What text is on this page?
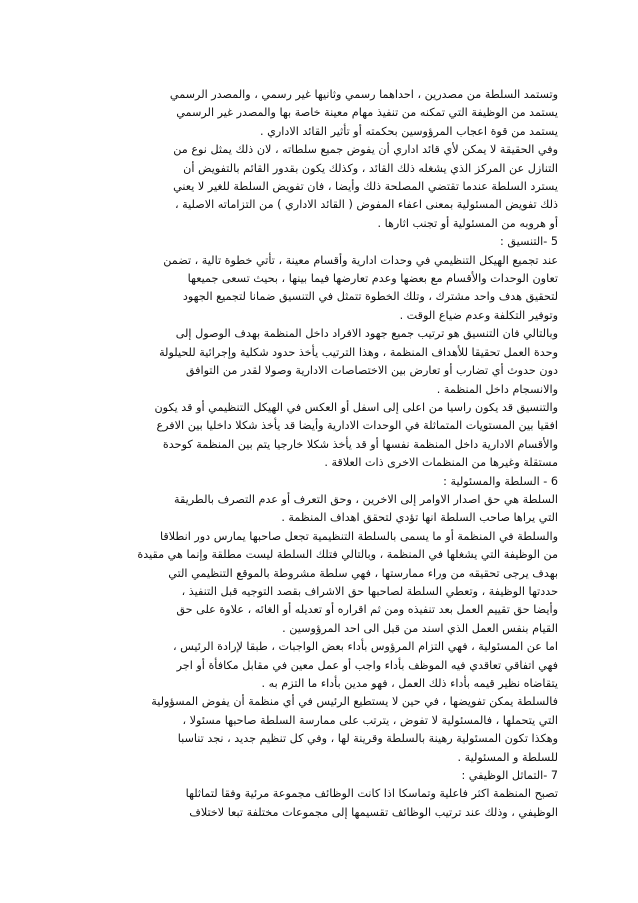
وتستمد السلطة من مصدرين ، احداهما رسمي وثانيها غير رسمي ، والمصدر الرسمي

يستمد من الوظيفة التي تمكنه من تنفيذ مهام معينة خاصة بها والمصدر غير الرسمي

يستمد من قوة اعجاب المرؤوسين بحكمته أو تأثير القائد الاداري .

وفي الحقيقة لا يمكن لأي قائد اداري أن يفوض جميع سلطاته ، لان ذلك يمثل نوع من

التنازل عن المركز الذي يشغله ذلك القائد ، وكذلك يكون بقدور القائم بالتفويض أن

يسترد السلطة عندما تقتضي المصلحة ذلك وأيضا ، فان تفويض السلطة للغير لا يعني

ذلك تفويض المسئولية بمعنى اعفاء المفوض ( القائد الاداري ) من التزاماته الاصلية ،

أو هروبه من المسئولية أو تجنب اثارها .

5 -التنسيق :

عند تجميع الهيكل التنظيمي في وحدات ادارية وأقسام معينة ، تأتي خطوة تالية ، تضمن

تعاون الوحدات والأقسام مع بعضها وعدم تعارضها فيما بينها ، بحيث تسعى جميعها

لتحقيق هدف واحد مشترك ، وتلك الخطوة تتمثل في التنسيق ضمانا لتجميع الجهود

وتوفير التكلفة وعدم ضياع الوقت .

وبالتالي فان التنسيق هو ترتيب جميع جهود الافراد داخل المنظمة بهدف الوصول إلى

وحدة العمل تحقيقا للأهداف المنظمة ، وهذا الترتيب يأخذ حدود شكلية وإجرائية للحيلولة

دون حدوث أي تضارب أو تعارض بين الاختصاصات الادارية وصولا لقدر من التوافق

والانسجام داخل المنظمة .

والتنسيق قد يكون راسيا من اعلى إلى اسفل أو العكس في الهيكل التنظيمي أو قد يكون

افقيا بين المستويات المتماثلة في الوحدات الادارية وأيضا قد يأخذ شكلا داخليا بين الافرع

والأقسام الادارية داخل المنظمة نفسها أو قد يأخذ شكلا خارجيا يتم بين المنظمة كوحدة

مستقلة وغيرها من المنظمات الاخرى ذات العلاقة .

6 - السلطة والمسئولية :

السلطة هي حق اصدار الاوامر إلى الاخرين ، وحق التعرف أو عدم التصرف بالطريقة

التي يراها صاحب السلطة انها تؤدي لتحقق اهداف المنظمة .

والسلطة في المنظمة أو ما يسمى بالسلطة التنظيمية تجعل صاحبها يمارس دور انطلاقا

من الوظيفة التي يشغلها في المنظمة ، وبالتالي فتلك السلطة ليست مطلقة وإنما هي مقيدة

بهدف يرجى تحقيقه من وراء ممارستها ، فهي سلطة مشروطة بالموقع التنظيمي التي

حددتها الوظيفة ، وتعطي السلطة لصاحبها حق الاشراف بقصد التوجيه قبل التنفيذ ،

وأيضا حق تقييم العمل بعد تنفيذه ومن ثم اقراره أو تعديله أو الغائه ، علاوة على حق

القيام بنفس العمل الذي اسند من قبل الى احد المرؤوسين .

اما عن المسئولية ، فهي التزام المرؤوس بأداء بعض الواجبات ، طبقا لإرادة الرئيس ،

فهي اتفاقي تعاقدي فيه الموظف بأداء واجب أو عمل معين في مقابل مكافأة أو اجر

يتقاضاه نظير قيمه بأداء ذلك العمل ، فهو مدين بأداء ما التزم به .

فالسلطة يمكن تفويضها ، في حين لا يستطيع الرئيس في أي منظمة أن يفوض المسؤولية

التي يتحملها ، فالمسئولية لا تفوض ، يترتب على ممارسة السلطة صاحبها مسئولا ،

وهكذا تكون المسئولية رهينة بالسلطة وقرينة لها ، وفي كل تنظيم جديد ، نجد تناسبا

للسلطة و المسئولية .

7 -التماثل الوظيفي :

تصبح المنظمة اكثر فاعلية وتماسكا اذا كانت الوظائف مجموعة مرئية وفقا لتماثلها

الوظيفي ، وذلك عند ترتيب الوظائف تقسيمها إلى مجموعات مختلفة تبعا لاختلاف
